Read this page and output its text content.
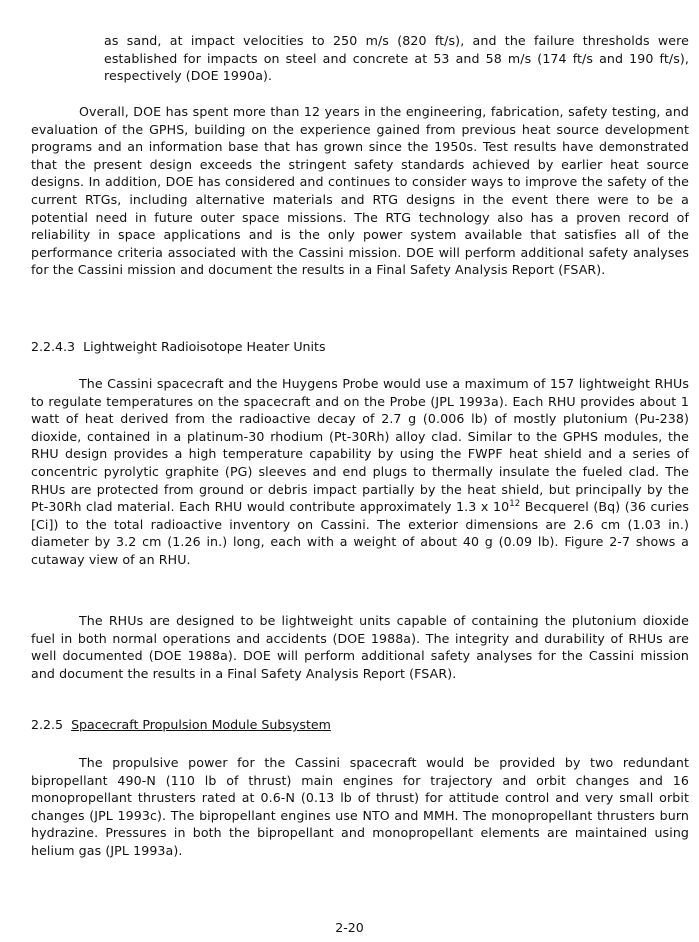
as sand, at impact velocities to 250 m/s (820 ft/s), and the failure thresholds were established for impacts on steel and concrete at 53 and 58 m/s (174 ft/s and 190 ft/s), respectively (DOE 1990a).

Overall, DOE has spent more than 12 years in the engineering, fabrication, safety testing, and evaluation of the GPHS, building on the experience gained from previous heat source development programs and an information base that has grown since the 1950s. Test results have demonstrated that the present design exceeds the stringent safety standards achieved by earlier heat source designs. In addition, DOE has considered and continues to consider ways to improve the safety of the current RTGs, including alternative materials and RTG designs in the event there were to be a potential need in future outer space missions. The RTG technology also has a proven record of reliability in space applications and is the only power system available that satisfies all of the performance criteria associated with the Cassini mission. DOE will perform additional safety analyses for the Cassini mission and document the results in a Final Safety Analysis Report (FSAR).

2.2.4.3 Lightweight Radioisotope Heater Units

The Cassini spacecraft and the Huygens Probe would use a maximum of 157 lightweight RHUs to regulate temperatures on the spacecraft and on the Probe (JPL 1993a). Each RHU provides about 1 watt of heat derived from the radioactive decay of 2.7 g (0.006 lb) of mostly plutonium (Pu-238) dioxide, contained in a platinum-30 rhodium (Pt-30Rh) alloy clad. Similar to the GPHS modules, the RHU design provides a high temperature capability by using the FWPF heat shield and a series of concentric pyrolytic graphite (PG) sleeves and end plugs to thermally insulate the fueled clad. The RHUs are protected from ground or debris impact partially by the heat shield, but principally by the Pt-30Rh clad material. Each RHU would contribute approximately 1.3 x $10^{12}$ Becquerel (Bq) (36 curies [Ci]) to the total radioactive inventory on Cassini. The exterior dimensions are 2.6 cm (1.03 in.) diameter by 3.2 cm (1.26 in.) long, each with a weight of about 40 g (0.09 lb). Figure 2-7 shows a cutaway view of an RHU.

The RHUs are designed to be lightweight units capable of containing the plutonium dioxide fuel in both normal operations and accidents (DOE 1988a). The integrity and durability of RHUs are well documented (DOE 1988a). DOE will perform additional safety analyses for the Cassini mission and document the results in a Final Safety Analysis Report (FSAR).

2.2.5 Spacecraft Propulsion Module Subsystem

The propulsive power for the Cassini spacecraft would be provided by two redundant bipropellant 490-N (110 lb of thrust) main engines for trajectory and orbit changes and 16 monopropellant thrusters rated at 0.6-N (0.13 lb of thrust) for attitude control and very small orbit changes (JPL 1993c). The bipropellant engines use NTO and MMH. The monopropellant thrusters burn hydrazine. Pressures in both the bipropellant and monopropellant elements are maintained using helium gas (JPL 1993a).

2-20
